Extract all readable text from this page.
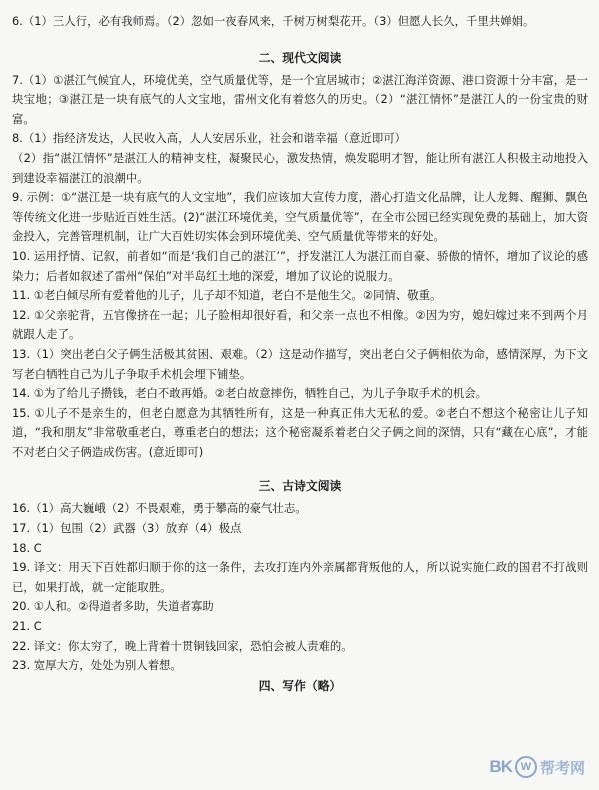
6.（1）三人行，必有我师焉。（2）忽如一夜春风来，千树万树梨花开。（3）但愿人长久，千里共婵娟。

二、现代文阅读

7.（1）①湛江气候宜人，环境优美，空气质量优等，是一个宜居城市；②湛江海洋资源、港口资源十分丰富，是一块宝地；③湛江是一块有底气的人文宝地，雷州文化有着悠久的历史。（2）“湛江情怀”是湛江人的一份宝贵的财富。

8.（1）指经济发达，人民收入高，人人安居乐业，社会和谐幸福（意近即可）

（2）指“湛江情怀”是湛江人的精神支柱，凝聚民心，激发热情，焕发聪明才智，能让所有湛江人积极主动地投入到建设幸福湛江的浪潮中。

9. 示例：①“湛江是一块有底气的人文宝地”，我们应该加大宣传力度，潜心打造文化品牌，让人龙舞、醒狮、飘色等传统文化进一步贴近百姓生活。(2)“湛江环境优美，空气质量优等”，在全市公园已经实现免费的基础上，加大资金投入，完善管理机制，让广大百姓切实体会到环境优美、空气质量优等带来的好处。

10. 运用抒情、记叙，前者如“而是‘我们自己的湛江’”，抒发湛江人为湛江而自豪、骄傲的情怀，增加了议论的感染力；后者如叙述了雷州“保伯”对半岛红土地的深爱，增加了议论的说服力。

11. ①老白倾尽所有爱着他的儿子，儿子却不知道，老白不是他生父。②同情、敬重。

12. ①父亲驼背，五官像挤在一起；儿子脸相却很好看，和父亲一点也不相像。②因为穷，媳妇嫁过来不到两个月就跟人走了。

13.（1）突出老白父子俩生活极其贫困、艰难。（2）这是动作描写，突出老白父子俩相依为命，感情深厚，为下文写老白牺牲自己为儿子争取手术机会埋下铺垫。

14. ①为了给儿子攒钱，老白不敢再婚。②老白故意摔伤，牺牲自己，为儿子争取手术的机会。

15. ①儿子不是亲生的，但老白愿意为其牺牲所有，这是一种真正伟大无私的爱。②老白不想这个秘密让儿子知道，“我和朋友”非常敬重老白，尊重老白的想法；这个秘密凝系着老白父子俩之间的深情，只有“藏在心底”，才能不对老白父子俩造成伤害。(意近即可)

三、古诗文阅读

16.（1）高大巍峨（2）不畏艰难，勇于攀高的豪气壮志。

17.（1）包围（2）武器（3）放弃（4）极点

18. C

19. 译文：用天下百姓都归顺于你的这一条件，去攻打连内外亲属都背叛他的人，所以说实施仁政的国君不打战则已，如果打战，就一定能取胜。

20. ①人和。②得道者多助，失道者寡助

21. C

22. 译文：你太穷了，晚上背着十贯铜钱回家，恐怕会被人责难的。

23. 宽厚大方，处处为别人着想。

四、写作（略）

BK W 帮考网
